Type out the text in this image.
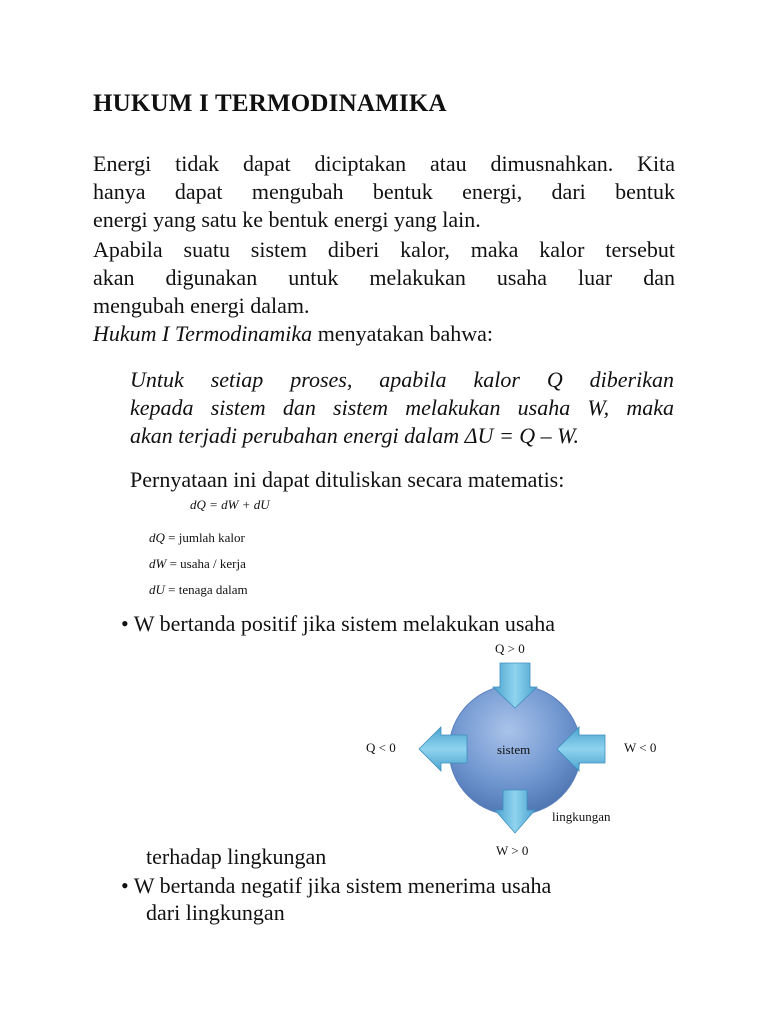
HUKUM I TERMODINAMIKA
Energi tidak dapat diciptakan atau dimusnahkan. Kita
hanya dapat mengubah bentuk energi, dari bentuk
energi yang satu ke bentuk energi yang lain.
Apabila suatu sistem diberi kalor, maka kalor tersebut
akan digunakan untuk melakukan usaha luar dan
mengubah energi dalam.
Hukum I Termodinamika menyatakan bahwa:
Untuk setiap proses, apabila kalor Q diberikan
kepada sistem dan sistem melakukan usaha W, maka
akan terjadi perubahan energi dalam ΔU = Q – W.
Pernyataan ini dapat dituliskan secara matematis:
dQ = dW + dU
dQ = jumlah kalor
dW = usaha / kerja
dU = tenaga dalam
• W bertanda positif jika sistem melakukan usaha
Q > 0
Q < 0	W < 0
sistem
lingkungan
W > 0
terhadap lingkungan
• W bertanda negatif jika sistem menerima usaha
dari lingkungan
